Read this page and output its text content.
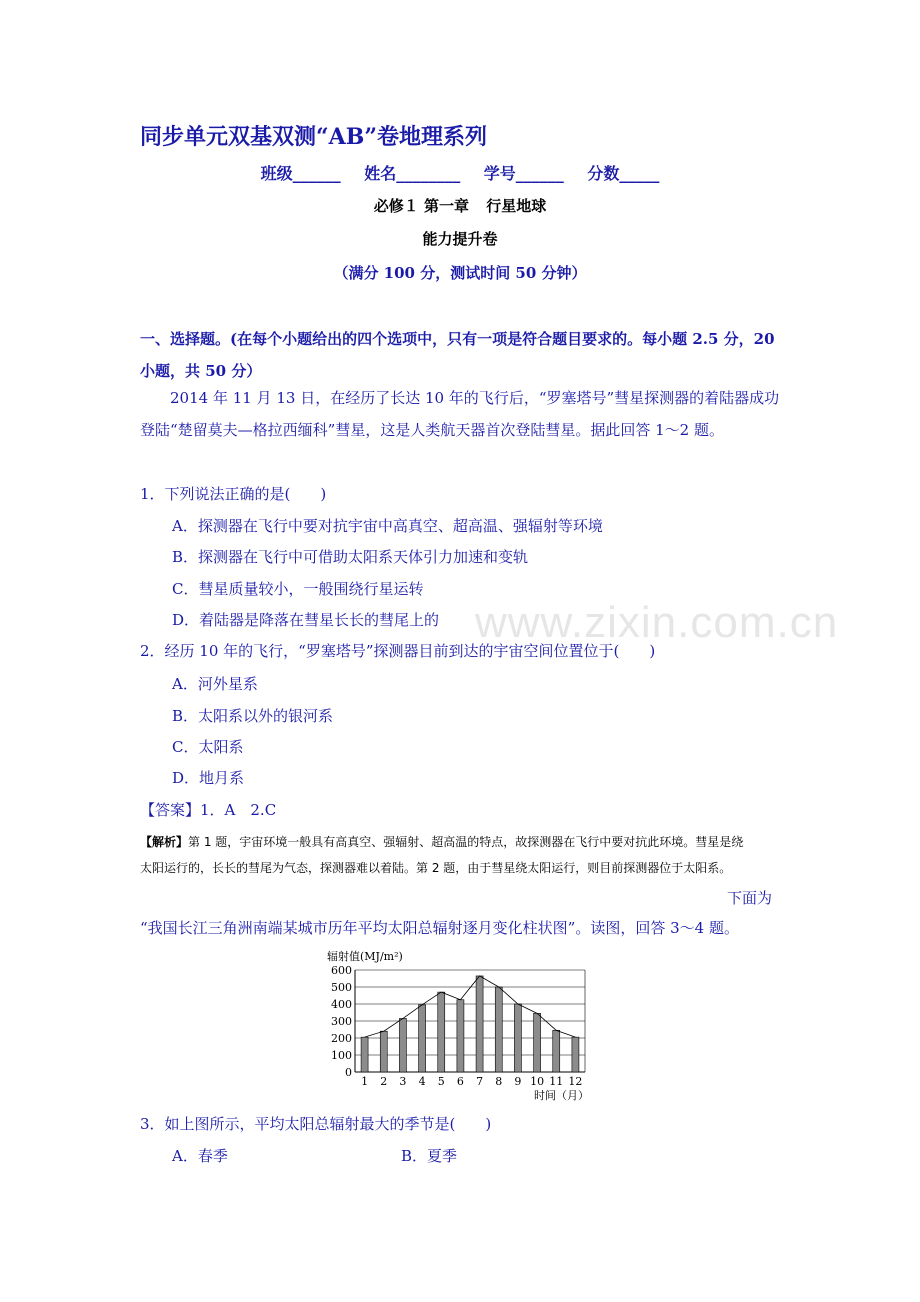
www.zixin.com.cn
同步单元双基双测“AB”卷地理系列
班级______ 姓名________ 学号______ 分数_____
必修１ 第一章 行星地球
能力提升卷
（满分 100 分，测试时间 50 分钟）
一、选择题。(在每个小题给出的四个选项中，只有一项是符合题目要求的。每小题 2.5 分，20 小题，共 50 分）
2014 年 11 月 13 日，在经历了长达 10 年的飞行后，“罗塞塔号”彗星探测器的着陆器成功登陆“楚留莫夫—格拉西缅科”彗星，这是人类航天器首次登陆彗星。据此回答 1～2 题。
1．下列说法正确的是(　　)
A．探测器在飞行中要对抗宇宙中高真空、超高温、强辐射等环境
B．探测器在飞行中可借助太阳系天体引力加速和变轨
C．彗星质量较小，一般围绕行星运转
D．着陆器是降落在彗星长长的彗尾上的
2．经历 10 年的飞行，“罗塞塔号”探测器目前到达的宇宙空间位置位于(　　)
A．河外星系
B．太阳系以外的银河系
C．太阳系
D．地月系
【答案】1．A　2.C
【解析】第 1 题，宇宙环境一般具有高真空、强辐射、超高温的特点，故探测器在飞行中要对抗此环境。彗星是绕太阳运行的，长长的彗尾为气态，探测器难以着陆。第 2 题，由于彗星绕太阳运行，则目前探测器位于太阳系。
下面为
“我国长江三角洲南端某城市历年平均太阳总辐射逐月变化柱状图”。读图，回答 3～4 题。
辐射值(MJ/m²)
0
100
200
300
400
500
600
1 2 3 4 5 6 7 8 9 10 11 12
时间（月）
3．如上图所示，平均太阳总辐射最大的季节是(　　)
A．春季	B．夏季
